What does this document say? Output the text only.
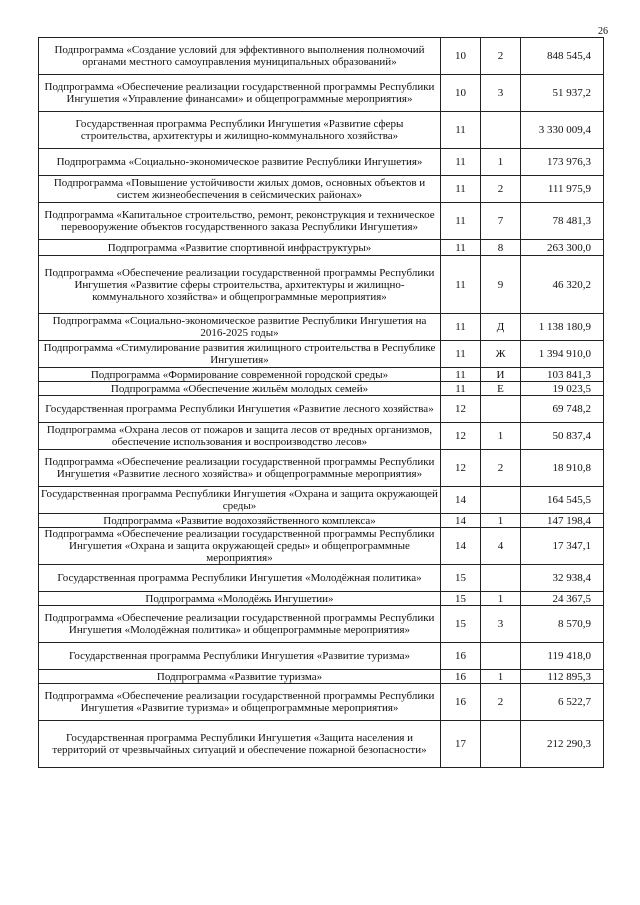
26
Подпрограмма «Создание условий для эффективного выполнения полномочий органами местного самоуправления муниципальных образований»	10	2	848 545,4
Подпрограмма «Обеспечение реализации государственной программы Республики Ингушетия «Управление финансами» и общепрограммные мероприятия»	10	3	51 937,2
Государственная программа Республики Ингушетия «Развитие сферы строительства, архитектуры и жилищно-коммунального хозяйства»	11		3 330 009,4
Подпрограмма «Социально-экономическое развитие Республики Ингушетия»	11	1	173 976,3
Подпрограмма «Повышение устойчивости жилых домов, основных объектов и систем жизнеобеспечения в сейсмических районах»	11	2	111 975,9
Подпрограмма «Капитальное строительство, ремонт, реконструкция и техническое перевооружение объектов государственного заказа Республики Ингушетия»	11	7	78 481,3
Подпрограмма «Развитие спортивной инфраструктуры»	11	8	263 300,0
Подпрограмма «Обеспечение реализации государственной программы Республики Ингушетия «Развитие сферы строительства, архитектуры и жилищно-коммунального хозяйства» и общепрограммные мероприятия»	11	9	46 320,2
Подпрограмма «Социально-экономическое развитие Республики Ингушетия на 2016-2025 годы»	11	Д	1 138 180,9
Подпрограмма «Стимулирование развития жилищного строительства в Республике Ингушетия»	11	Ж	1 394 910,0
Подпрограмма «Формирование современной городской среды»	11	И	103 841,3
Подпрограмма «Обеспечение жильём молодых семей»	11	Е	19 023,5
Государственная программа Республики Ингушетия «Развитие лесного хозяйства»	12		69 748,2
Подпрограмма «Охрана лесов от пожаров и защита лесов от вредных организмов, обеспечение использования и воспроизводство лесов»	12	1	50 837,4
Подпрограмма «Обеспечение реализации государственной программы Республики Ингушетия «Развитие лесного хозяйства» и общепрограммные мероприятия»	12	2	18 910,8
Государственная программа Республики Ингушетия «Охрана и защита окружающей среды»	14		164 545,5
Подпрограмма «Развитие водохозяйственного комплекса»	14	1	147 198,4
Подпрограмма «Обеспечение реализации государственной программы Республики Ингушетия «Охрана и защита окружающей среды» и общепрограммные мероприятия»	14	4	17 347,1
Государственная программа Республики Ингушетия «Молодёжная политика»	15		32 938,4
Подпрограмма «Молодёжь Ингушетии»	15	1	24 367,5
Подпрограмма «Обеспечение реализации государственной программы Республики Ингушетия «Молодёжная политика» и общепрограммные мероприятия»	15	3	8 570,9
Государственная программа Республики Ингушетия «Развитие туризма»	16		119 418,0
Подпрограмма «Развитие туризма»	16	1	112 895,3
Подпрограмма «Обеспечение реализации государственной программы Республики Ингушетия «Развитие туризма» и общепрограммные мероприятия»	16	2	6 522,7
Государственная программа Республики Ингушетия «Защита населения и территорий от чрезвычайных ситуаций и обеспечение пожарной безопасности»	17		212 290,3
